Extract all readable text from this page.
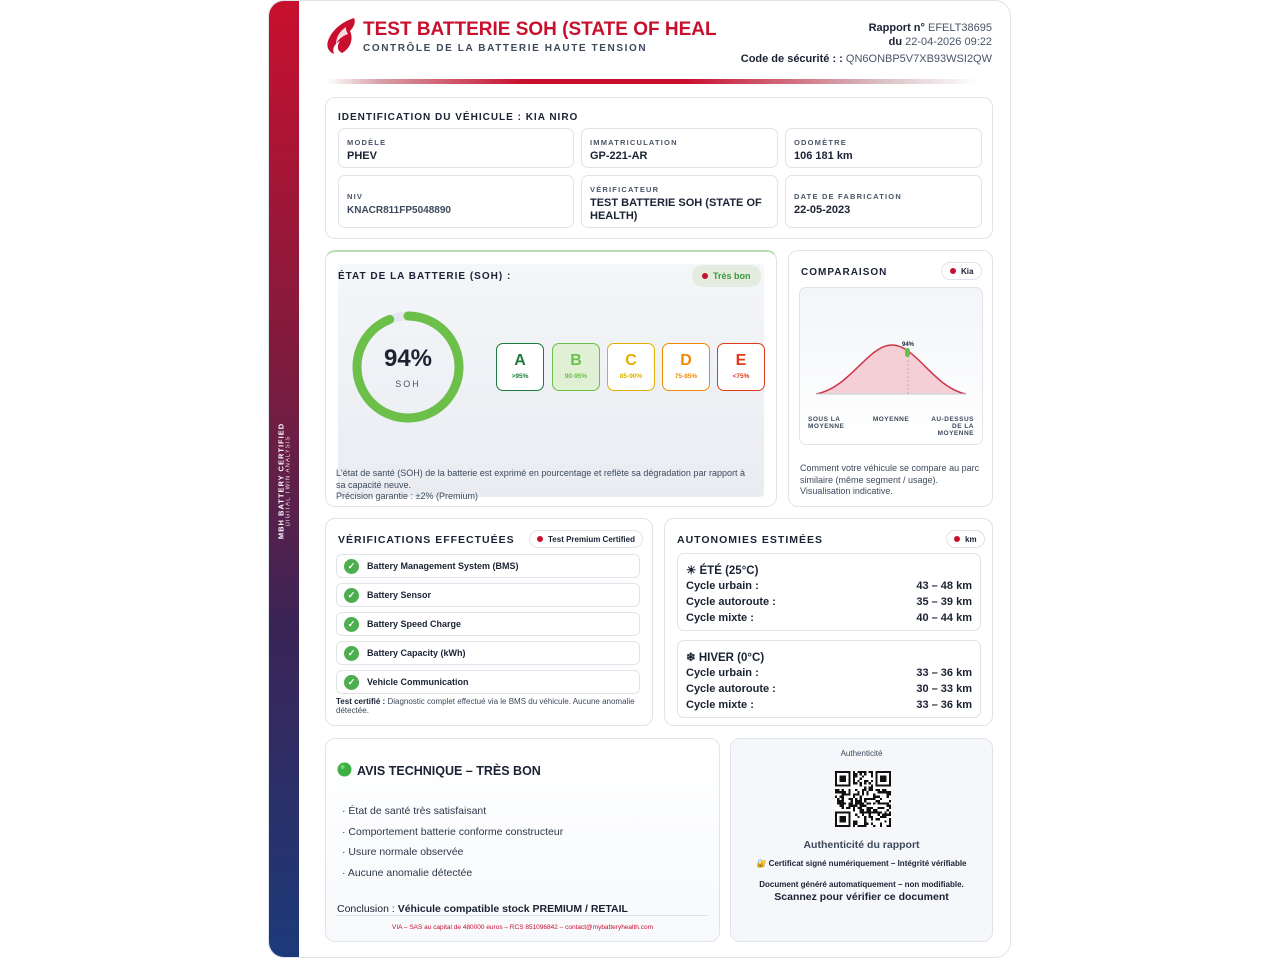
MBH BATTERY CERTIFIED DIGITAL TWIN ANALYSIS
TEST BATTERIE SOH (STATE OF HEAL
CONTRÔLE DE LA BATTERIE HAUTE TENSION
Rapport n° EFELT38695
du 22-04-2026 09:22
Code de sécurité : : QN6ONBP5V7XB93WSI2QW
IDENTIFICATION DU VÉHICULE : KIA NIRO
MODÈLE
PHEV
IMMATRICULATION
GP-221-AR
ODOMÈTRE
106 181 km
NIV
KNACR811FP5048890
VÉRIFICATEUR
TEST BATTERIE SOH (STATE OF HEALTH)
DATE DE FABRICATION
22-05-2023
ÉTAT DE LA BATTERIE (SOH) :	Très bon
94%
SOH
A
>95%
B
90-95%
C
85-90%
D
75-85%
E
<75%
L'état de santé (SOH) de la batterie est exprimé en pourcentage et reflète sa dégradation par rapport à sa capacité neuve.
Précision garantie : ±2% (Premium)
COMPARAISON	Kia
94%
SOUS LA MOYENNE
MOYENNE	AU-DESSUS DE LA MOYENNE
Comment votre véhicule se compare au parc similaire (même segment / usage). Visualisation indicative.
VÉRIFICATIONS EFFECTUÉES	Test Premium Certified
✓	Battery Management System (BMS)
✓	Battery Sensor
✓	Battery Speed Charge
✓	Battery Capacity (kWh)
✓	Vehicle Communication
Test certifié : Diagnostic complet effectué via le BMS du véhicule. Aucune anomalie détectée.
AUTONOMIES ESTIMÉES	km
☀ ÉTÉ (25°C)
Cycle urbain :	43 – 48 km
Cycle autoroute :	35 – 39 km
Cycle mixte :	40 – 44 km
❄ HIVER (0°C)
Cycle urbain :	33 – 36 km
Cycle autoroute :	30 – 33 km
Cycle mixte :	33 – 36 km
AVIS TECHNIQUE – TRÈS BON
· État de santé très satisfaisant
· Comportement batterie conforme constructeur
· Usure normale observée
· Aucune anomalie détectée
Conclusion : Véhicule compatible stock PREMIUM / RETAIL
VIA – SAS au capital de 480000 euros – RCS 851096842 – contact@mybatteryhealth.com
Authenticité
Authenticité du rapport
🔐 Certificat signé numériquement – Intégrité vérifiable
Document généré automatiquement – non modifiable.
Scannez pour vérifier ce document
